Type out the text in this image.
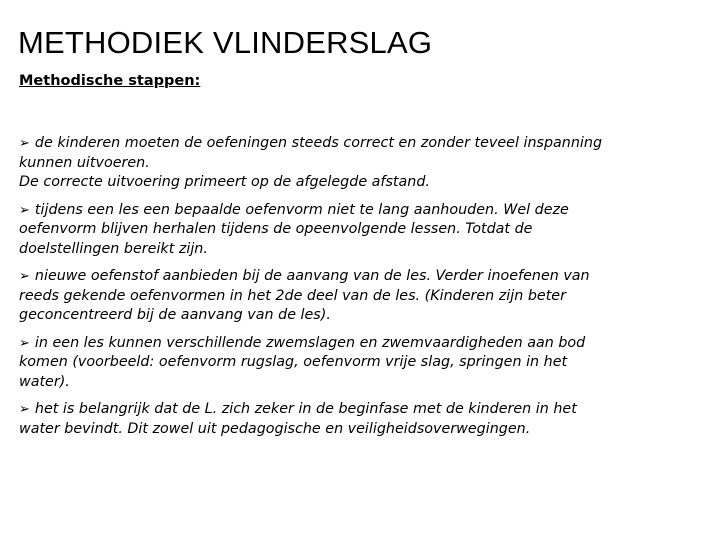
METHODIEK VLINDERSLAG

Methodische stappen:

➢ de kinderen moeten de oefeningen steeds correct en zonder teveel inspanning
kunnen uitvoeren.
De correcte uitvoering primeert op de afgelegde afstand.
➢ tijdens een les een bepaalde oefenvorm niet te lang aanhouden. Wel deze
oefenvorm blijven herhalen tijdens de opeenvolgende lessen. Totdat de
doelstellingen bereikt zijn.
➢ nieuwe oefenstof aanbieden bij de aanvang van de les. Verder inoefenen van
reeds gekende oefenvormen in het 2de deel van de les. (Kinderen zijn beter
geconcentreerd bij de aanvang van de les).
➢ in een les kunnen verschillende zwemslagen en zwemvaardigheden aan bod
komen (voorbeeld: oefenvorm rugslag, oefenvorm vrije slag, springen in het
water).
➢ het is belangrijk dat de L. zich zeker in de beginfase met de kinderen in het
water bevindt. Dit zowel uit pedagogische en veiligheidsoverwegingen.
